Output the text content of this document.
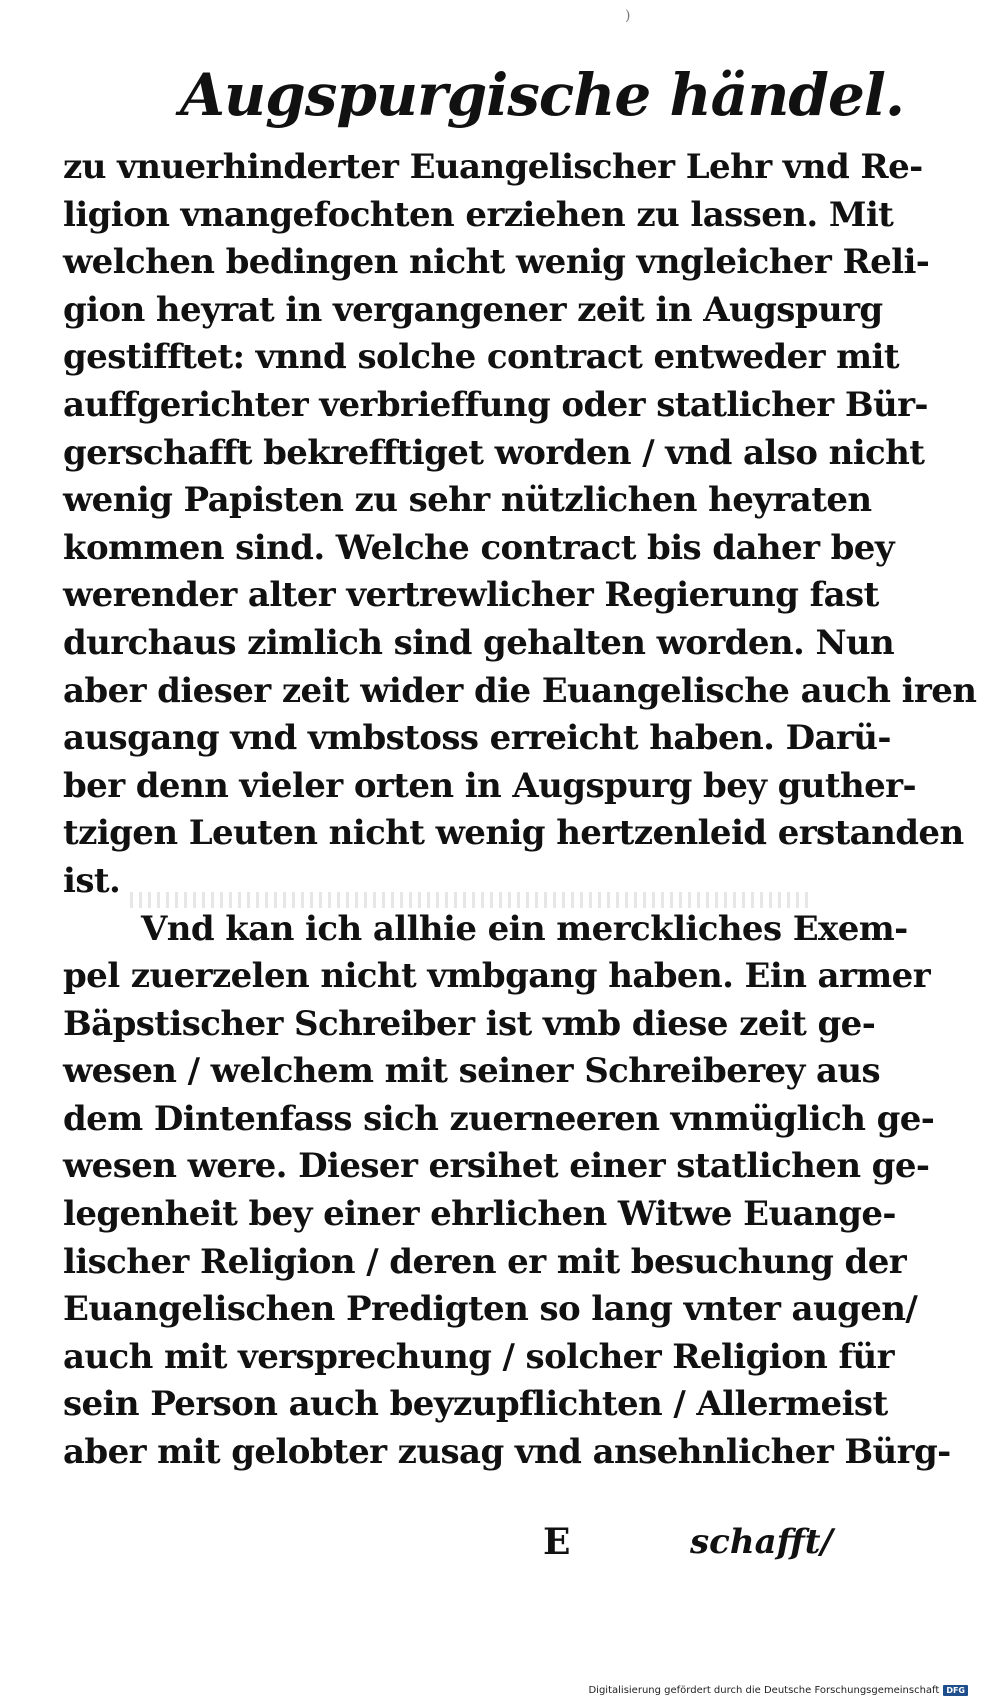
)
Augspurgische händel.
zu vnuerhinderter Euangelischer Lehr vnd Re-
ligion vnangefochten erziehen zu lassen. Mit
welchen bedingen nicht wenig vngleicher Reli-
gion heyrat in vergangener zeit in Augspurg
gestifftet: vnnd solche contract entweder mit
auffgerichter verbrieffung oder statlicher Bür-
gerschafft bekrefftiget worden / vnd also nicht
wenig Papisten zu sehr nützlichen heyraten
kommen sind. Welche contract bis daher bey
werender alter vertrewlicher Regierung fast
durchaus zimlich sind gehalten worden. Nun
aber dieser zeit wider die Euangelische auch iren
ausgang vnd vmbstoss erreicht haben. Darü-
ber denn vieler orten in Augspurg bey guther-
tzigen Leuten nicht wenig hertzenleid erstanden
ist.
Vnd kan ich allhie ein merckliches Exem-
pel zuerzelen nicht vmbgang haben. Ein armer
Bäpstischer Schreiber ist vmb diese zeit ge-
wesen / welchem mit seiner Schreiberey aus
dem Dintenfass sich zuerneeren vnmüglich ge-
wesen were. Dieser ersihet einer statlichen ge-
legenheit bey einer ehrlichen Witwe Euange-
lischer Religion / deren er mit besuchung der
Euangelischen Predigten so lang vnter augen/
auch mit versprechung / solcher Religion für
sein Person auch beyzupflichten / Allermeist
aber mit gelobter zusag vnd ansehnlicher Bürg-
E	schafft/
Digitalisierung gefördert durch die Deutsche Forschungsgemeinschaft DFG
